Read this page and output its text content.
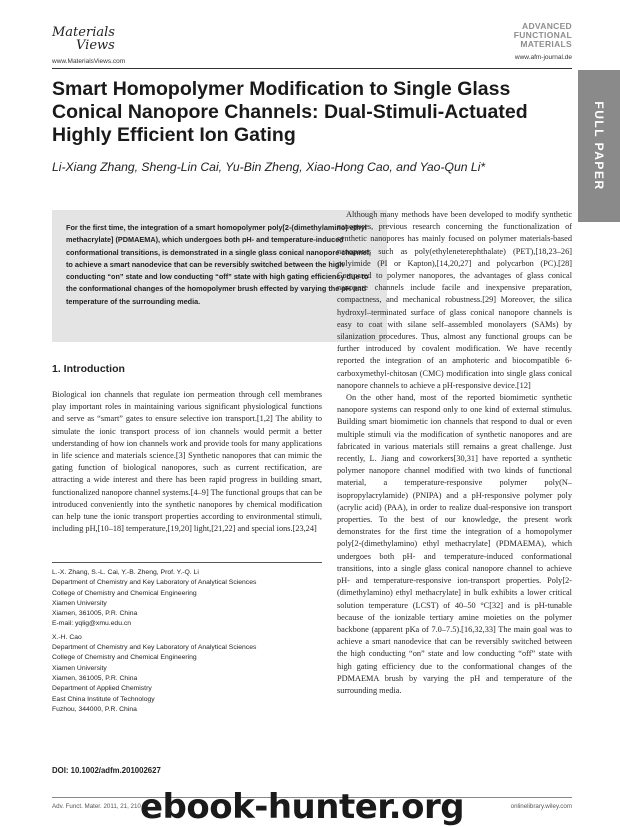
Materials
Views
www.MaterialsViews.com
ADVANCED
FUNCTIONAL
MATERIALS
www.afm-journal.de
FULL PAPER
Smart Homopolymer Modification to Single Glass Conical Nanopore Channels: Dual-Stimuli-Actuated Highly Efficient Ion Gating

Li-Xiang Zhang, Sheng-Lin Cai, Yu-Bin Zheng, Xiao-Hong Cao, and Yao-Qun Li*

For the first time, the integration of a smart homopolymer poly[2-(dimethylamino) ethyl methacrylate] (PDMAEMA), which undergoes both pH- and temperature-induced conformational transitions, is demonstrated in a single glass conical nanopore channel, to achieve a smart nanodevice that can be reversibly switched between the high conducting “on” state and low conducting “off” state with high gating efficiency due to the conformational changes of the homopolymer brush effected by varying the pH and temperature of the surrounding media.

1. Introduction

Biological ion channels that regulate ion permeation through cell membranes play important roles in maintaining various significant physiological functions and serve as “smart” gates to ensure selective ion transport.[1,2] The ability to simulate the ionic transport process of ion channels would permit a better understanding of how ion channels work and provide tools for many applications in life science and materials science.[3] Synthetic nanopores that can mimic the gating function of biological nanopores, such as current rectification, are attracting a wide interest and there has been rapid progress in building smart, functionalized nanopore channel systems.[4–9] The functional groups that can be introduced conveniently into the synthetic nanopores by chemical modification can help tune the ionic transport properties according to environmental stimuli, including pH,[10–18] temperature,[19,20] light,[21,22] and special ions.[23,24]

Although many methods have been developed to modify synthetic nanopores, previous research concerning the functionalization of synthetic nanopores has mainly focused on polymer materials-based nanopores such as poly(ethyleneterephthalate) (PET),[18,23–26] polyimide (PI or Kapton),[14,20,27] and polycarbon (PC).[28] Compared to polymer nanopores, the advantages of glass conical nanopore channels include facile and inexpensive preparation, compactness, and mechanical robustness.[29] Moreover, the silica hydroxyl–terminated surface of glass conical nanopore channels is easy to coat with silane self–assembled monolayers (SAMs) by silanization procedures. Thus, almost any functional groups can be further introduced by covalent modification. We have recently reported the integration of an amphoteric and biocompatible 6-carboxymethyl-chitosan (CMC) modification into single glass conical nanopore channels to achieve a pH-responsive device.[12]

On the other hand, most of the reported biomimetic synthetic nanopore systems can respond only to one kind of external stimulus. Building smart biomimetic ion channels that respond to dual or even multiple stimuli via the modification of synthetic nanopores and are fabricated in various materials still remains a great challenge. Just recently, L. Jiang and coworkers[30,31] have reported a synthetic polymer nanopore channel modified with two kinds of functional material, a temperature-responsive polymer poly(N–isopropylacrylamide) (PNIPA) and a pH-responsive polymer poly (acrylic acid) (PAA), in order to realize dual-responsive ion transport properties. To the best of our knowledge, the present work demonstrates for the first time the integration of a homopolymer poly[2-(dimethylamino) ethyl methacrylate] (PDMAEMA), which undergoes both pH- and temperature-induced conformational transitions, into a single glass conical nanopore channel to achieve pH- and temperature-responsive ion-transport properties. Poly[2-(dimethylamino) ethyl methacrylate] in bulk exhibits a lower critical solution temperature (LCST) of 40–50 °C[32] and is pH-tunable because of the ionizable tertiary amine moieties on the polymer backbone (apparent pKa of 7.0–7.5).[16,32,33] The main goal was to achieve a smart nanodevice that can be reversibly switched between the high conducting “on” state and low conducting “off” state with high gating efficiency due to the conformational changes of the PDMAEMA brush by varying the pH and temperature of the surrounding media.

L.-X. Zhang, S.-L. Cai, Y.-B. Zheng, Prof. Y.-Q. Li
Department of Chemistry and Key Laboratory of Analytical Sciences
College of Chemistry and Chemical Engineering
Xiamen University
Xiamen, 361005, P.R. China
E-mail: yqlig@xmu.edu.cn
X.-H. Cao
Department of Chemistry and Key Laboratory of Analytical Sciences
College of Chemistry and Chemical Engineering
Xiamen University
Xiamen, 361005, P.R. China
Department of Applied Chemistry
East China Institute of Technology
Fuzhou, 344000, P.R. China
DOI: 10.1002/adfm.201002627
Adv. Funct. Mater. 2011, 21, 210	onlinelibrary.wiley.com
ebook-hunter.org
